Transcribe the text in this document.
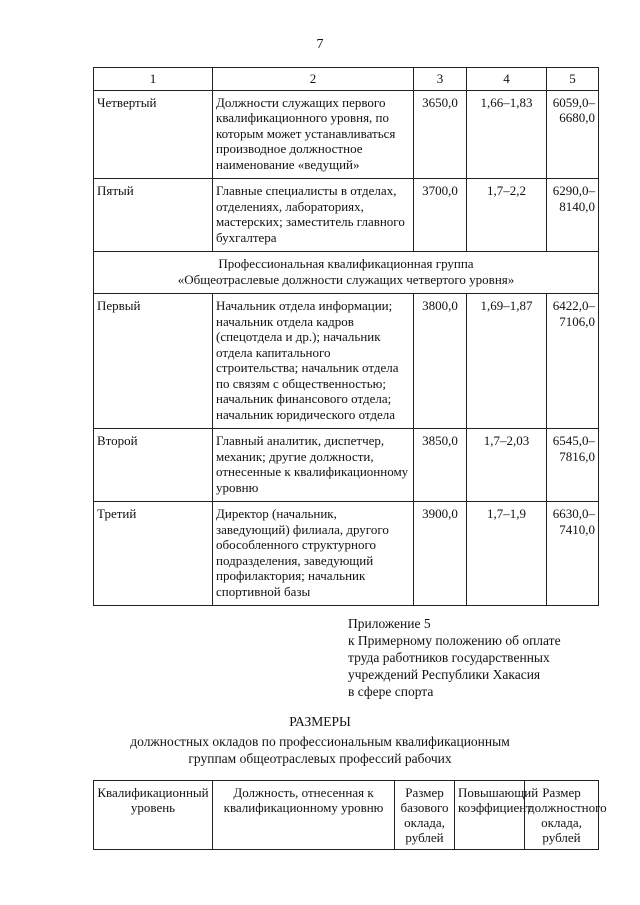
7
1	2	3	4	5
Четвертый	Должности служащих первого квалификационного уровня, по которым может устанавливаться производное должностное наименование «ведущий»	3650,0	1,66–1,83	6059,0–6680,0
Пятый	Главные специалисты в отделах, отделениях, лабораториях, мастерских; заместитель главного бухгалтера	3700,0	1,7–2,2	6290,0–8140,0

Профессиональная квалификационная группа
«Общеотраслевые должности служащих четвертого уровня»				

Первый	Начальник отдела информации; начальник отдела кадров (спецотдела и др.); начальник отдела капитального строительства; начальник отдела по связям с общественностью; начальник финансового отдела; начальник юридического отдела	3800,0	1,69–1,87	6422,0–7106,0
Второй	Главный аналитик, диспетчер, механик; другие должности, отнесенные к квалификационному уровню	3850,0	1,7–2,03	6545,0–7816,0
Третий	Директор (начальник, заведующий) филиала, другого обособленного структурного подразделения, заведующий профилактория; начальник спортивной базы	3900,0	1,7–1,9	6630,0–7410,0
Приложение 5
к Примерному положению об оплате
труда работников государственных
учреждений Республики Хакасия
в сфере спорта
РАЗМЕРЫ
должностных окладов по профессиональным квалификационным
группам общеотраслевых профессий рабочих
Квалификационный уровень	Должность, отнесенная к квалификационному уровню	Размер базового оклада, рублей	Повышающий коэффициент	Размер должностного оклада, рублей
